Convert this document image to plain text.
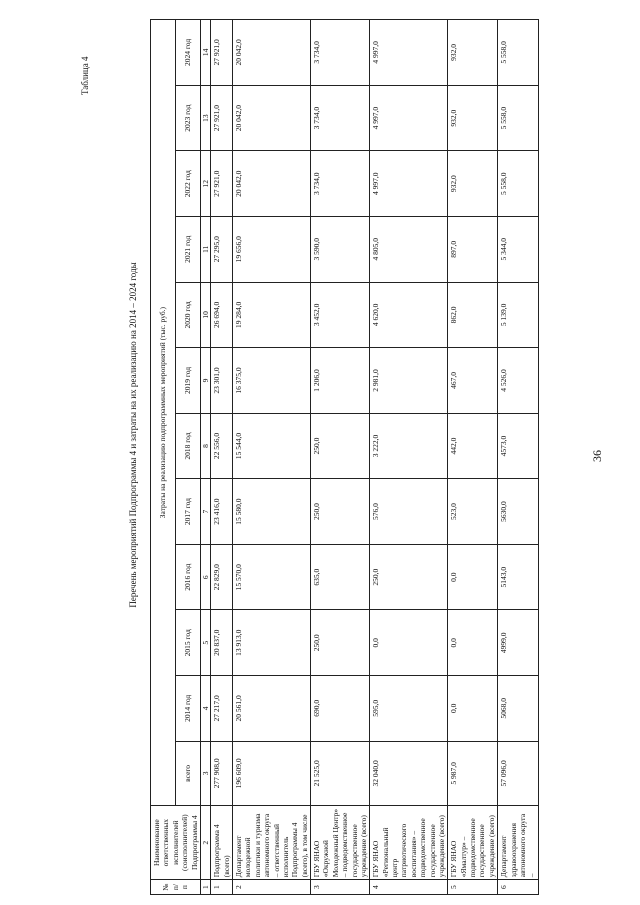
36
Таблица 4
Перечень мероприятий Подпрограммы 4 и затраты на их реализацию на 2014 – 2024 годы
№ п/п	Наименование ответственных исполнителей (соисполнителей) Подпрограммы 4	Затраты на реализацию подпрограммных мероприятий (тыс. руб.)											
		всего	2014 год	2015 год	2016 год	2017 год	2018 год	2019 год	2020 год	2021 год	2022 год	2023 год	2024 год
1	2	3	4	5	6	7	8	9	10	11	12	13	14
1	Подпрограмма 4 (всего)	277 908,0	27 217,0	20 837,0	22 829,0	23 416,0	22 556,0	23 301,0	26 694,0	27 295,0	27 921,0	27 921,0	27 921,0
2	Департамент молодежной политики и туризма автономного округа – ответственный исполнитель Подпрограммы 4 (всего), в том числе	196 609,0	20 561,0	13 913,0	15 570,0	15 580,0	15 544,0	16 375,0	19 284,0	19 656,0	20 042,0	20 042,0	20 042,0
3	ГБУ ЯНАО «Окружной Молодежный Центр» – подведомственное государственное учреждение (всего)	21 525,0	690,0	250,0	635,0	250,0	250,0	1 206,0	3 452,0	3 590,0	3 734,0	3 734,0	3 734,0
4	ГБУ ЯНАО «Региональный центр патриотического воспитания» – подведомственное государственное учреждение (всего)	32 040,0	595,0	0,0	250,0	576,0	3 222,0	2 981,0	4 620,0	4 805,0	4 997,0	4 997,0	4 997,0
5	ГБУ ЯНАО «Ямалтур» – подведомственное государственное учреждение (всего)	5 987,0	0,0	0,0	0,0	523,0	442,0	467,0	862,0	897,0	932,0	932,0	932,0
6	Департамент здравоохранения автономного округа –	57 096,0	5068,0	4999,0	5143,0	5630,0	4573,0	4 526,0	5 139,0	5 344,0	5 558,0	5 558,0	5 558,0
